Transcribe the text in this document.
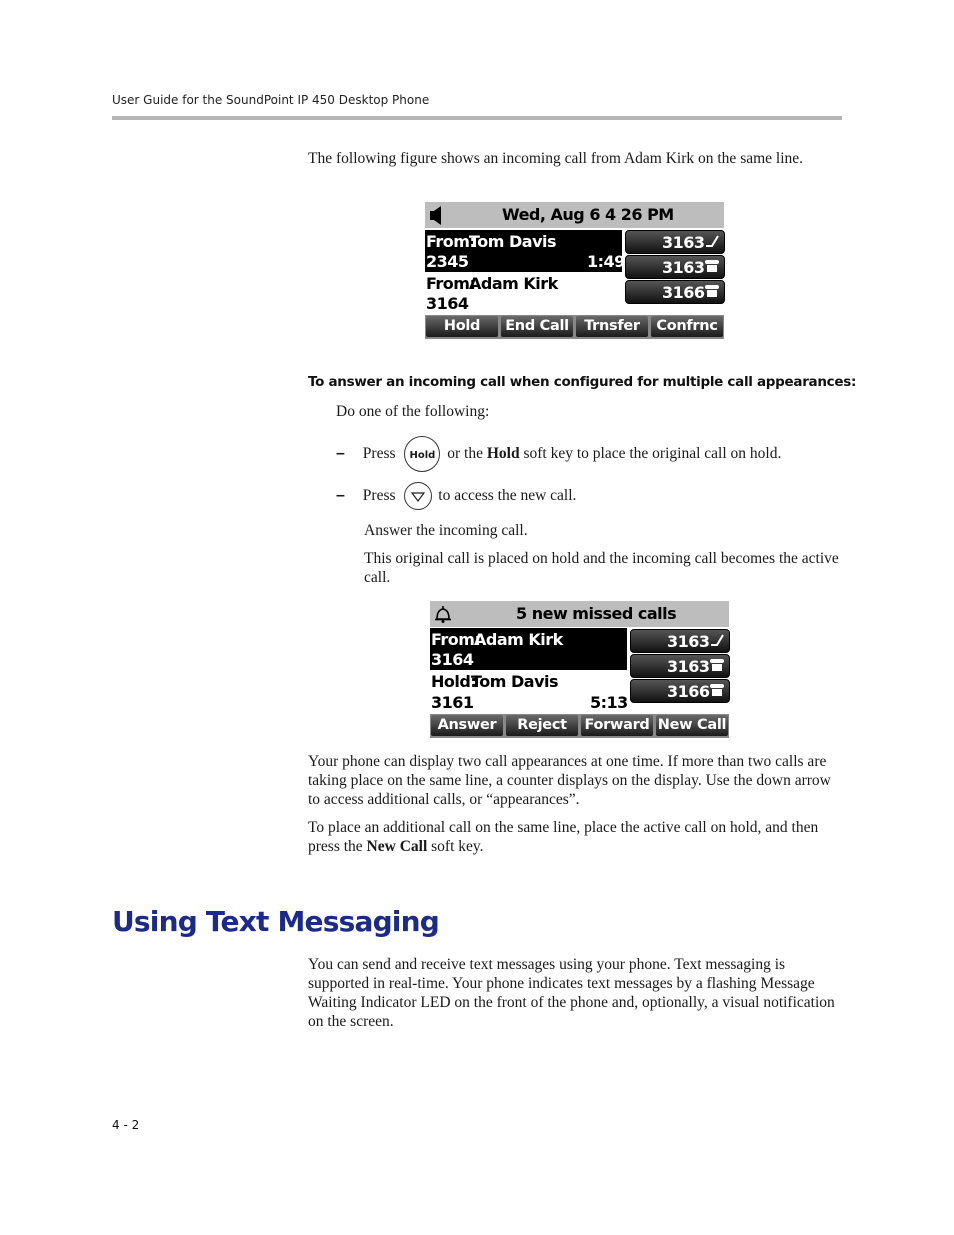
User Guide for the SoundPoint IP 450 Desktop Phone

The following figure shows an incoming call from Adam Kirk on the same line.

Wed, Aug 6 4 26 PM
From:
Tom Davis
2345	1:49
From:
Adam Kirk
3164
3163
3163
3166
Hold	End Call	Trnsfer	Confrnc
To answer an incoming call when configured for multiple call appearances:

Do one of the following:

– Press Hold or the Hold soft key to place the original call on hold.
– Press	to access the new call.

Answer the incoming call.

This original call is placed on hold and the incoming call becomes the active call.

5 new missed calls
From:
Adam Kirk
3164
Hold:
Tom Davis
3161	5:13
3163
3163
3166
Answer	Reject	Forward New Call

Your phone can display two call appearances at one time. If more than two calls are taking place on the same line, a counter displays on the display. Use the down arrow to access additional calls, or “appearances”.

To place an additional call on the same line, place the active call on hold, and then press the New Call soft key.

Using Text Messaging

You can send and receive text messages using your phone. Text messaging is supported in real-time. Your phone indicates text messages by a flashing Message Waiting Indicator LED on the front of the phone and, optionally, a visual notification on the screen.

4 - 2
